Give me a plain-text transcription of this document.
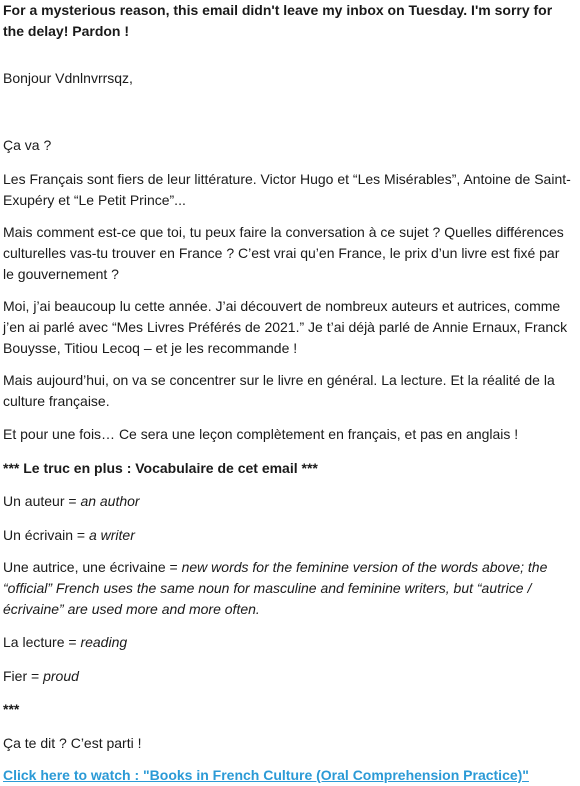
For a mysterious reason, this email didn't leave my inbox on Tuesday. I'm sorry for the delay! Pardon !

Bonjour Vdnlnvrrsqz,

Ça va ?

Les Français sont fiers de leur littérature. Victor Hugo et “Les Misérables”, Antoine de Saint-Exupéry et “Le Petit Prince”...

Mais comment est-ce que toi, tu peux faire la conversation à ce sujet ? Quelles différences culturelles vas-tu trouver en France ? C’est vrai qu’en France, le prix d’un livre est fixé par le gouvernement ?

Moi, j’ai beaucoup lu cette année. J’ai découvert de nombreux auteurs et autrices, comme j’en ai parlé avec “Mes Livres Préférés de 2021.” Je t’ai déjà parlé de Annie Ernaux, Franck Bouysse, Titiou Lecoq – et je les recommande !

Mais aujourd’hui, on va se concentrer sur le livre en général. La lecture. Et la réalité de la culture française.

Et pour une fois… Ce sera une leçon complètement en français, et pas en anglais !

*** Le truc en plus : Vocabulaire de cet email ***

Un auteur = an author

Un écrivain = a writer

Une autrice, une écrivaine = new words for the feminine version of the words above; the “official” French uses the same noun for masculine and feminine writers, but “autrice / écrivaine” are used more and more often.

La lecture = reading

Fier = proud

***

Ça te dit ? C’est parti !

Click here to watch : "Books in French Culture (Oral Comprehension Practice)"
